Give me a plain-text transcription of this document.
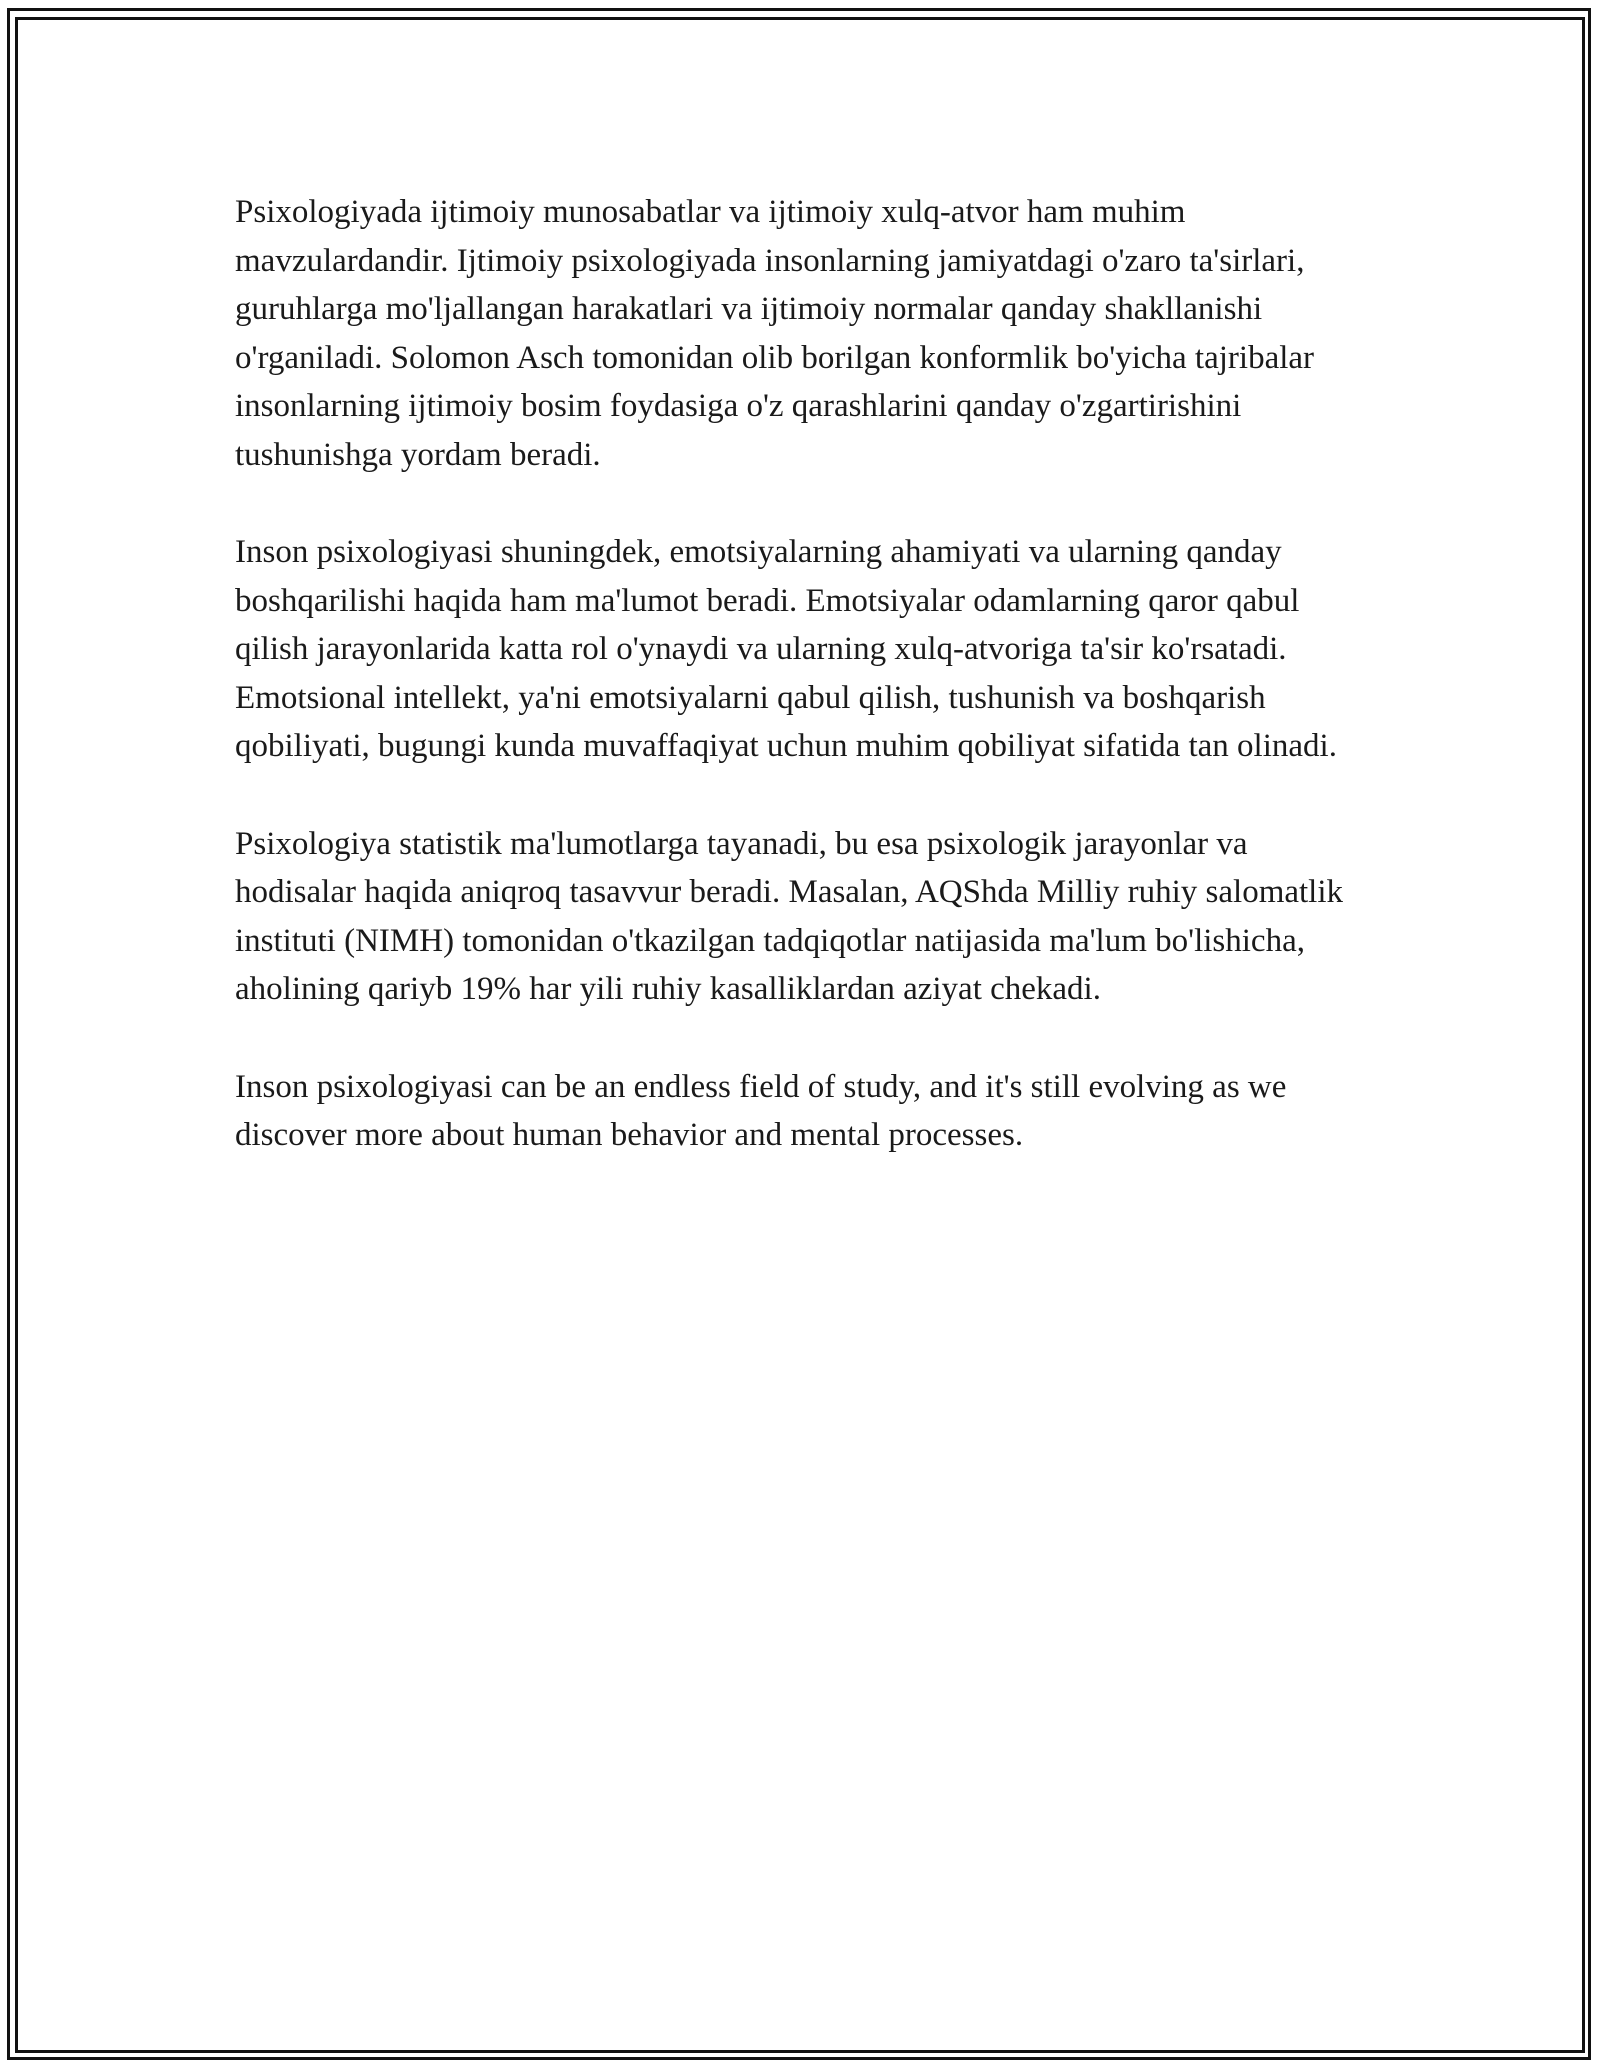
Psixologiyada ijtimoiy munosabatlar va ijtimoiy xulq-atvor ham muhim mavzulardandir. Ijtimoiy psixologiyada insonlarning jamiyatdagi o'zaro ta'sirlari, guruhlarga mo'ljallangan harakatlari va ijtimoiy normalar qanday shakllanishi o'rganiladi. Solomon Asch tomonidan olib borilgan konformlik bo'yicha tajribalar insonlarning ijtimoiy bosim foydasiga o'z qarashlarini qanday o'zgartirishini tushunishga yordam beradi.

Inson psixologiyasi shuningdek, emotsiyalarning ahamiyati va ularning qanday boshqarilishi haqida ham ma'lumot beradi. Emotsiyalar odamlarning qaror qabul qilish jarayonlarida katta rol o'ynaydi va ularning xulq-atvoriga ta'sir ko'rsatadi. Emotsional intellekt, ya'ni emotsiyalarni qabul qilish, tushunish va boshqarish qobiliyati, bugungi kunda muvaffaqiyat uchun muhim qobiliyat sifatida tan olinadi.

Psixologiya statistik ma'lumotlarga tayanadi, bu esa psixologik jarayonlar va hodisalar haqida aniqroq tasavvur beradi. Masalan, AQShda Milliy ruhiy salomatlik instituti (NIMH) tomonidan o'tkazilgan tadqiqotlar natijasida ma'lum bo'lishicha, aholining qariyb 19% har yili ruhiy kasalliklardan aziyat chekadi.

Inson psixologiyasi can be an endless field of study, and it's still evolving as we discover more about human behavior and mental processes.
